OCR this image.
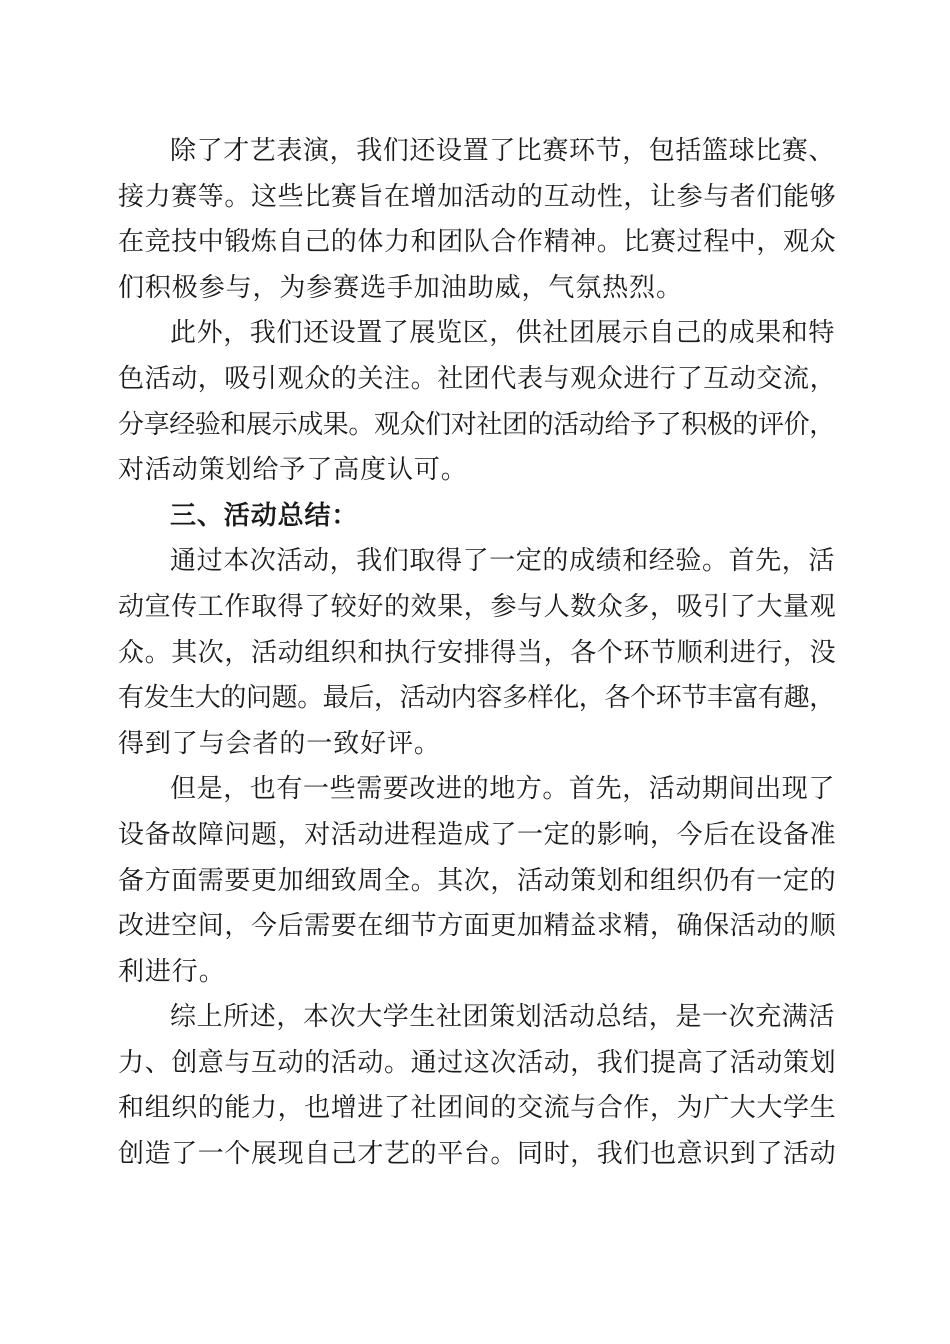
除了才艺表演，我们还设置了比赛环节，包括篮球比赛、
接力赛等。这些比赛旨在增加活动的互动性，让参与者们能够
在竞技中锻炼自己的体力和团队合作精神。比赛过程中，观众
们积极参与，为参赛选手加油助威，气氛热烈。
此外，我们还设置了展览区，供社团展示自己的成果和特
色活动，吸引观众的关注。社团代表与观众进行了互动交流，
分享经验和展示成果。观众们对社团的活动给予了积极的评价，
对活动策划给予了高度认可。
三、活动总结：
通过本次活动，我们取得了一定的成绩和经验。首先，活
动宣传工作取得了较好的效果，参与人数众多，吸引了大量观
众。其次，活动组织和执行安排得当，各个环节顺利进行，没
有发生大的问题。最后，活动内容多样化，各个环节丰富有趣，
得到了与会者的一致好评。
但是，也有一些需要改进的地方。首先，活动期间出现了
设备故障问题，对活动进程造成了一定的影响，今后在设备准
备方面需要更加细致周全。其次，活动策划和组织仍有一定的
改进空间，今后需要在细节方面更加精益求精，确保活动的顺
利进行。
综上所述，本次大学生社团策划活动总结，是一次充满活
力、创意与互动的活动。通过这次活动，我们提高了活动策划
和组织的能力，也增进了社团间的交流与合作，为广大大学生
创造了一个展现自己才艺的平台。同时，我们也意识到了活动
